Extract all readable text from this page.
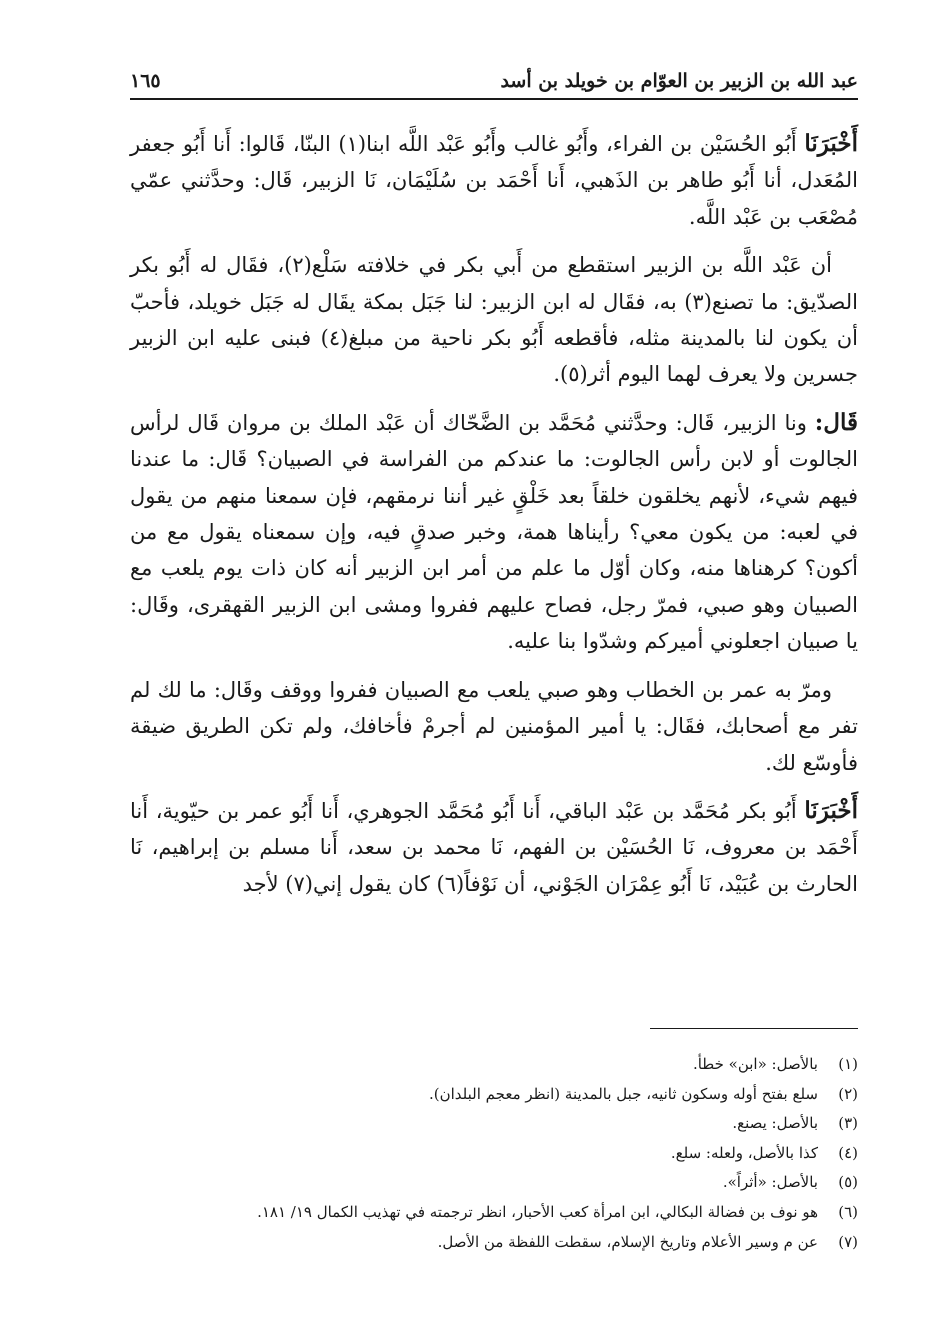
عبد الله بن الزبير بن العوّام بن خويلد بن أسد
١٦٥

أَخْبَرَنَا أَبُو الحُسَيْن بن الفراء، وأَبُو غالب وأَبُو عَبْد اللَّه ابنا(١) البنّا، قَالوا: أَنا أَبُو جعفر المُعَدل، أنا أَبُو طاهر بن الذَهبي، أَنا أَحْمَد بن سُلَيْمَان، نَا الزبير، قَال: وحدَّثني عمّي مُصْعَب بن عَبْد اللَّه.

أن عَبْد اللَّه بن الزبير استقطع من أَبي بكر في خلافته سَلْع(٢)، فقَال له أَبُو بكر الصدّيق: ما تصنع(٣) به، فقَال له ابن الزبير: لنا جَبَل بمكة يقَال له جَبَل خويلد، فأحبّ أن يكون لنا بالمدينة مثله، فأقطعه أَبُو بكر ناحية من مبلغ(٤) فبنى عليه ابن الزبير جسرين ولا يعرف لهما اليوم أثر(٥).

قَال: ونا الزبير، قَال: وحدَّثني مُحَمَّد بن الضَّحّاك أن عَبْد الملك بن مروان قَال لرأس الجالوت أو لابن رأس الجالوت: ما عندكم من الفراسة في الصبيان؟ قَال: ما عندنا فيهم شيء، لأنهم يخلقون خلقاً بعد خَلْقٍ غير أننا نرمقهم، فإن سمعنا منهم من يقول في لعبه: من يكون معي؟ رأيناها همة، وخبر صدقٍ فيه، وإن سمعناه يقول مع من أكون؟ كرهناها منه، وكان أوّل ما علم من أمر ابن الزبير أنه كان ذات يوم يلعب مع الصبيان وهو صبي، فمرّ رجل، فصاح عليهم ففروا ومشى ابن الزبير القهقرى، وقَال: يا صبيان اجعلوني أميركم وشدّوا بنا عليه.

ومرّ به عمر بن الخطاب وهو صبي يلعب مع الصبيان ففروا ووقف وقَال: ما لك لم تفر مع أصحابك، فقَال: يا أمير المؤمنين لم أجرمْ فأخافك، ولم تكن الطريق ضيقة فأوسّع لك.

أَخْبَرَنَا أَبُو بكر مُحَمَّد بن عَبْد الباقي، أَنا أَبُو مُحَمَّد الجوهري، أَنا أَبُو عمر بن حيّوية، أَنا أَحْمَد بن معروف، نَا الحُسَيْن بن الفهم، نَا محمد بن سعد، أَنا مسلم بن إبراهيم، نَا الحارث بن عُبَيْد، نَا أَبُو عِمْرَان الجَوْني، أن نَوْفاً(٦) كان يقول إني(٧) لأجد

(١)
بالأصل: «ابن» خطأ.
(٢)
سلع بفتح أوله وسكون ثانيه، جبل بالمدينة (انظر معجم البلدان).
(٣)
بالأصل: يصنع.
(٤)
كذا بالأصل، ولعله: سلع.
(٥)
بالأصل: «أثراً».
(٦)
هو نوف بن فضالة البكالي، ابن امرأة كعب الأحبار، انظر ترجمته في تهذيب الكمال ١٩/ ١٨١.
(٧)
عن م وسير الأعلام وتاريخ الإسلام، سقطت اللفظة من الأصل.
